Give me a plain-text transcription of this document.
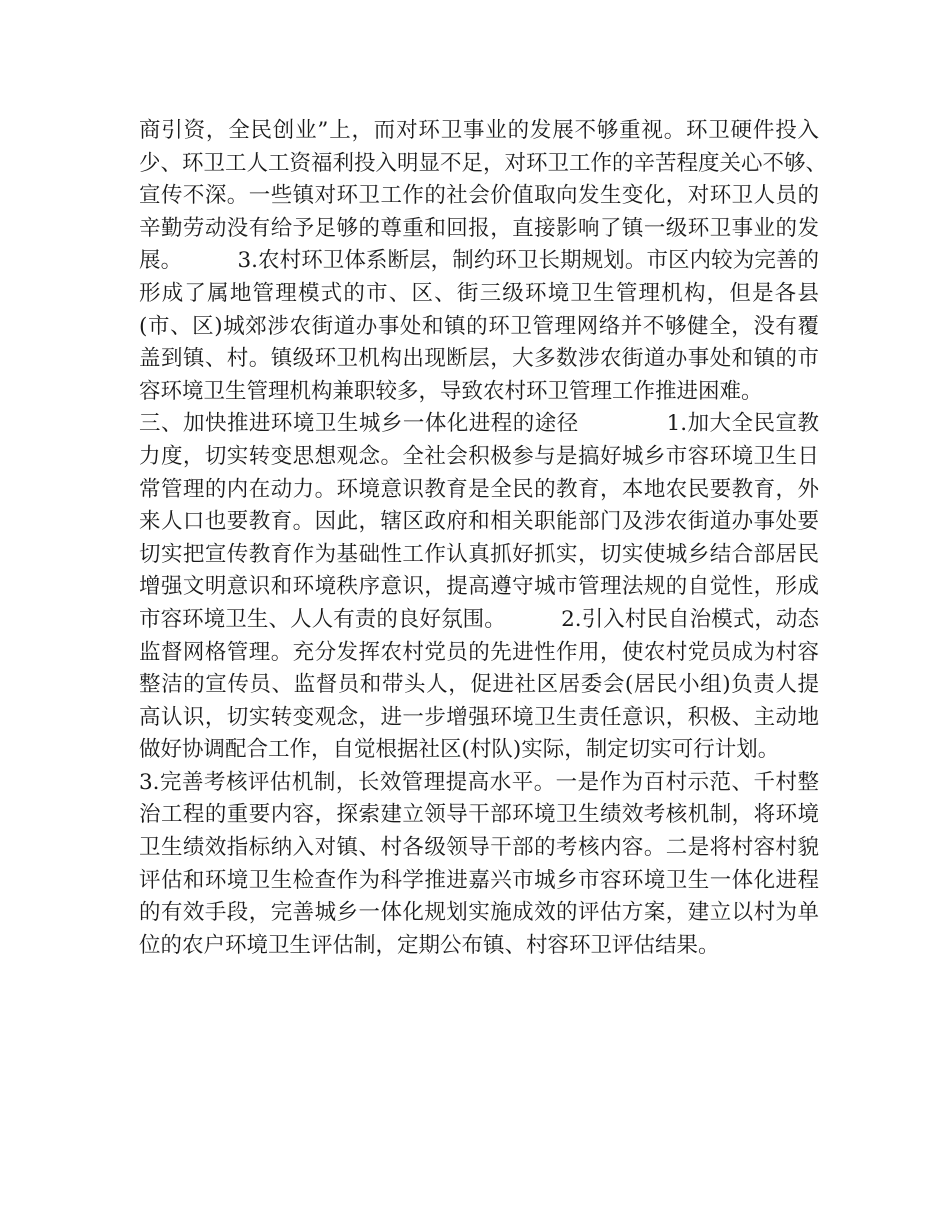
商引资，全民创业”上，而对环卫事业的发展不够重视。环卫硬件投入
少、环卫工人工资福利投入明显不足，对环卫工作的辛苦程度关心不够、
宣传不深。一些镇对环卫工作的社会价值取向发生变化，对环卫人员的
辛勤劳动没有给予足够的尊重和回报，直接影响了镇一级环卫事业的发
展。        3.农村环卫体系断层，制约环卫长期规划。市区内较为完善的
形成了属地管理模式的市、区、街三级环境卫生管理机构，但是各县
(市、区)城郊涉农街道办事处和镇的环卫管理网络并不够健全，没有覆
盖到镇、村。镇级环卫机构出现断层，大多数涉农街道办事处和镇的市
容环境卫生管理机构兼职较多，导致农村环卫管理工作推进困难。
三、加快推进环境卫生城乡一体化进程的途径            1.加大全民宣教
力度，切实转变思想观念。全社会积极参与是搞好城乡市容环境卫生日
常管理的内在动力。环境意识教育是全民的教育，本地农民要教育，外
来人口也要教育。因此，辖区政府和相关职能部门及涉农街道办事处要
切实把宣传教育作为基础性工作认真抓好抓实，切实使城乡结合部居民
增强文明意识和环境秩序意识，提高遵守城市管理法规的自觉性，形成
市容环境卫生、人人有责的良好氛围。        2.引入村民自治模式，动态
监督网格管理。充分发挥农村党员的先进性作用，使农村党员成为村容
整洁的宣传员、监督员和带头人，促进社区居委会(居民小组)负责人提
高认识，切实转变观念，进一步增强环境卫生责任意识，积极、主动地
做好协调配合工作，自觉根据社区(村队)实际，制定切实可行计划。
3.完善考核评估机制，长效管理提高水平。一是作为百村示范、千村整
治工程的重要内容，探索建立领导干部环境卫生绩效考核机制，将环境
卫生绩效指标纳入对镇、村各级领导干部的考核内容。二是将村容村貌
评估和环境卫生检查作为科学推进嘉兴市城乡市容环境卫生一体化进程
的有效手段，完善城乡一体化规划实施成效的评估方案，建立以村为单
位的农户环境卫生评估制，定期公布镇、村容环卫评估结果。
